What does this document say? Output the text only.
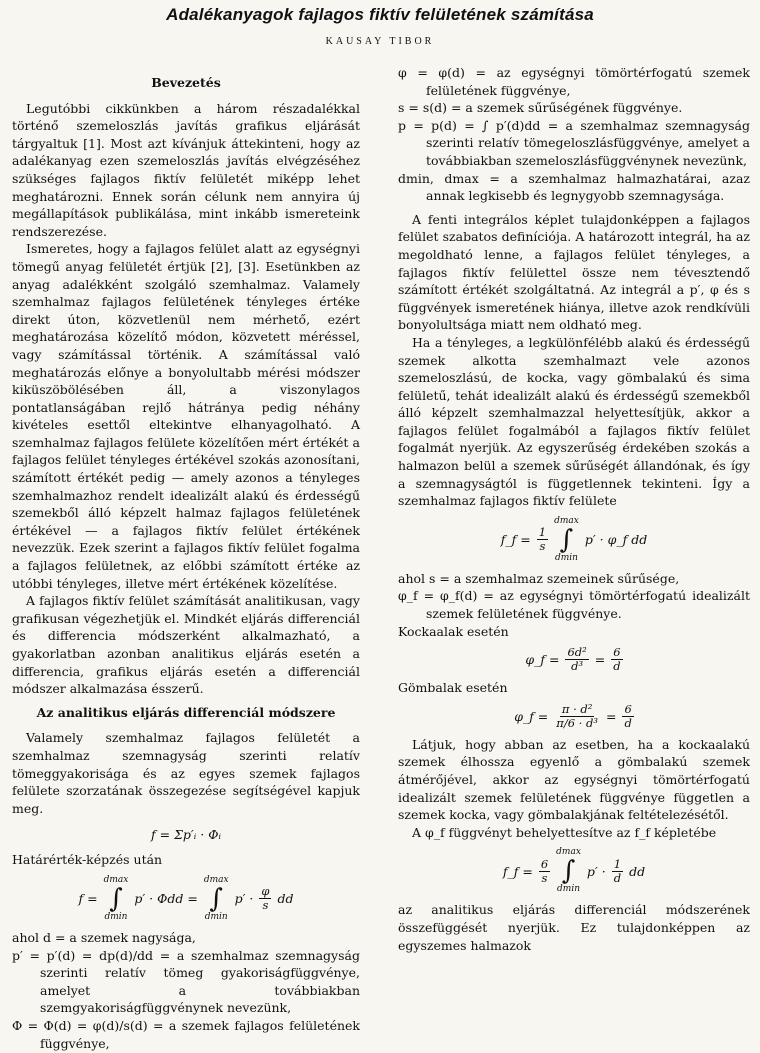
Adalékanyagok fajlagos fiktív felületének számítása
KAUSAY TIBOR
Bevezetés

Legutóbbi cikkünkben a három részadalékkal történő szemeloszlás javítás grafikus eljárását tárgyaltuk [1]. Most azt kívánjuk áttekinteni, hogy az adalékanyag ezen szemeloszlás javítás elvégzéséhez szükséges fajlagos fiktív felületét miképp lehet meghatározni. Ennek során célunk nem annyira új megállapítások publikálása, mint inkább ismereteink rendszerezése.

Ismeretes, hogy a fajlagos felület alatt az egységnyi tömegű anyag felületét értjük [2], [3]. Esetünkben az anyag adalékként szolgáló szemhalmaz. Valamely szemhalmaz fajlagos felületének tényleges értéke direkt úton, közvetlenül nem mérhető, ezért meghatározása közelítő módon, közvetett méréssel, vagy számítással történik. A számítással való meghatározás előnye a bonyolultabb mérési módszer kiküszöbölésében áll, a viszonylagos pontatlanságában rejlő hátránya pedig néhány kivételes esettől eltekintve elhanyagolható. A szemhalmaz fajlagos felülete közelítően mért értékét a fajlagos felület tényleges értékével szokás azonosítani, számított értékét pedig — amely azonos a tényleges szemhalmazhoz rendelt idealizált alakú és érdességű szemekből álló képzelt halmaz fajlagos felületének értékével — a fajlagos fiktív felület értékének nevezzük. Ezek szerint a fajlagos fiktív felület fogalma a fajlagos felületnek, az előbbi számított értéke az utóbbi tényleges, illetve mért értékének közelítése.

A fajlagos fiktív felület számítását analitikusan, vagy grafikusan végezhetjük el. Mindkét eljárás differenciál és differencia módszerként alkalmazható, a gyakorlatban azonban analitikus eljárás esetén a differencia, grafikus eljárás esetén a differenciál módszer alkalmazása ésszerű.

Az analitikus eljárás differenciál módszere

Valamely szemhalmaz fajlagos felületét a szemhalmaz szemnagyság szerinti relatív tömeggyakorisága és az egyes szemek fajlagos felülete szorzatának összegezése segítségével kapjuk meg.

f = Σp′ᵢ · Φᵢ

Határérték-képzés után

f =
dmax
∫
dmin
p′ · Φdd =
dmax
∫
dmin
$p' \cdot \frac{\varphi}{s}$ dd

ahol d = a szemek nagysága,

p′ = p′(d) = dp(d)/dd = a szemhalmaz szemnagyság szerinti relatív tömeg gyakoriságfüggvénye, amelyet a továbbiakban szemgyakoriságfüggvénynek nevezünk,

Φ = Φ(d) = φ(d)/s(d) = a szemek fajlagos felületének függvénye,

φ = φ(d) = az egységnyi tömörtérfogatú szemek felületének függvénye,

s = s(d) = a szemek sűrűségének függvénye.

p = p(d) = ∫ p′(d)dd = a szemhalmaz szemnagyság szerinti relatív tömegeloszlásfüggvénye, amelyet a továbbiakban szemeloszlásfüggvénynek nevezünk,

dmin, dmax = a szemhalmaz halmazhatárai, azaz annak legkisebb és legnygyobb szemnagysága.

A fenti integrálos képlet tulajdonképpen a fajlagos felület szabatos definíciója. A határozott integrál, ha az megoldható lenne, a fajlagos felület tényleges, a fajlagos fiktív felülettel össze nem tévesztendő számított értékét szolgáltatná. Az integrál a p′, φ és s függvények ismeretének hiánya, illetve azok rendkívüli bonyolultsága miatt nem oldható meg.

Ha a tényleges, a legkülönfélébb alakú és érdességű szemek alkotta szemhalmazt vele azonos szemeloszlású, de kocka, vagy gömbalakú és sima felületű, tehát idealizált alakú és érdességű szemekből álló képzelt szemhalmazzal helyettesítjük, akkor a fajlagos felület fogalmából a fajlagos fiktív felület fogalmát nyerjük. Az egyszerűség érdekében szokás a halmazon belül a szemek sűrűségét állandónak, és így a szemnagyságtól is függetlennek tekinteni. Így a szemhalmaz fajlagos fiktív felülete

f_f = $\frac{1}{s}$
dmax
∫
dmin
p′ · φ_f dd

ahol s = a szemhalmaz szemeinek sűrűsége,

φ_f = φ_f(d) = az egységnyi tömörtérfogatú idealizált szemek felületének függvénye.

Kockaalak esetén

φ_f = $\frac{\text{6d²}}{\text{d³}} = \frac{6}{d}$

Gömbalak esetén

φ_f = $\frac{\text{π · d²}}{\text{π/6 · d³}} = \frac{6}{d}$

Látjuk, hogy abban az esetben, ha a kockaalakú szemek élhossza egyenlő a gömbalakú szemek átmérőjével, akkor az egységnyi tömörtérfogatú idealizált szemek felületének függvénye független a szemek kocka, vagy gömbalakjának feltételezésétől.

A φ_f függvényt behelyettesítve az f_f képletébe

f_f = $\frac{6}{s}$
dmax
∫
dmin
$p' \cdot \frac{1}{d}$ dd

az analitikus eljárás differenciál módszerének összefüggését nyerjük. Ez tulajdonképpen az egyszemes halmazok
